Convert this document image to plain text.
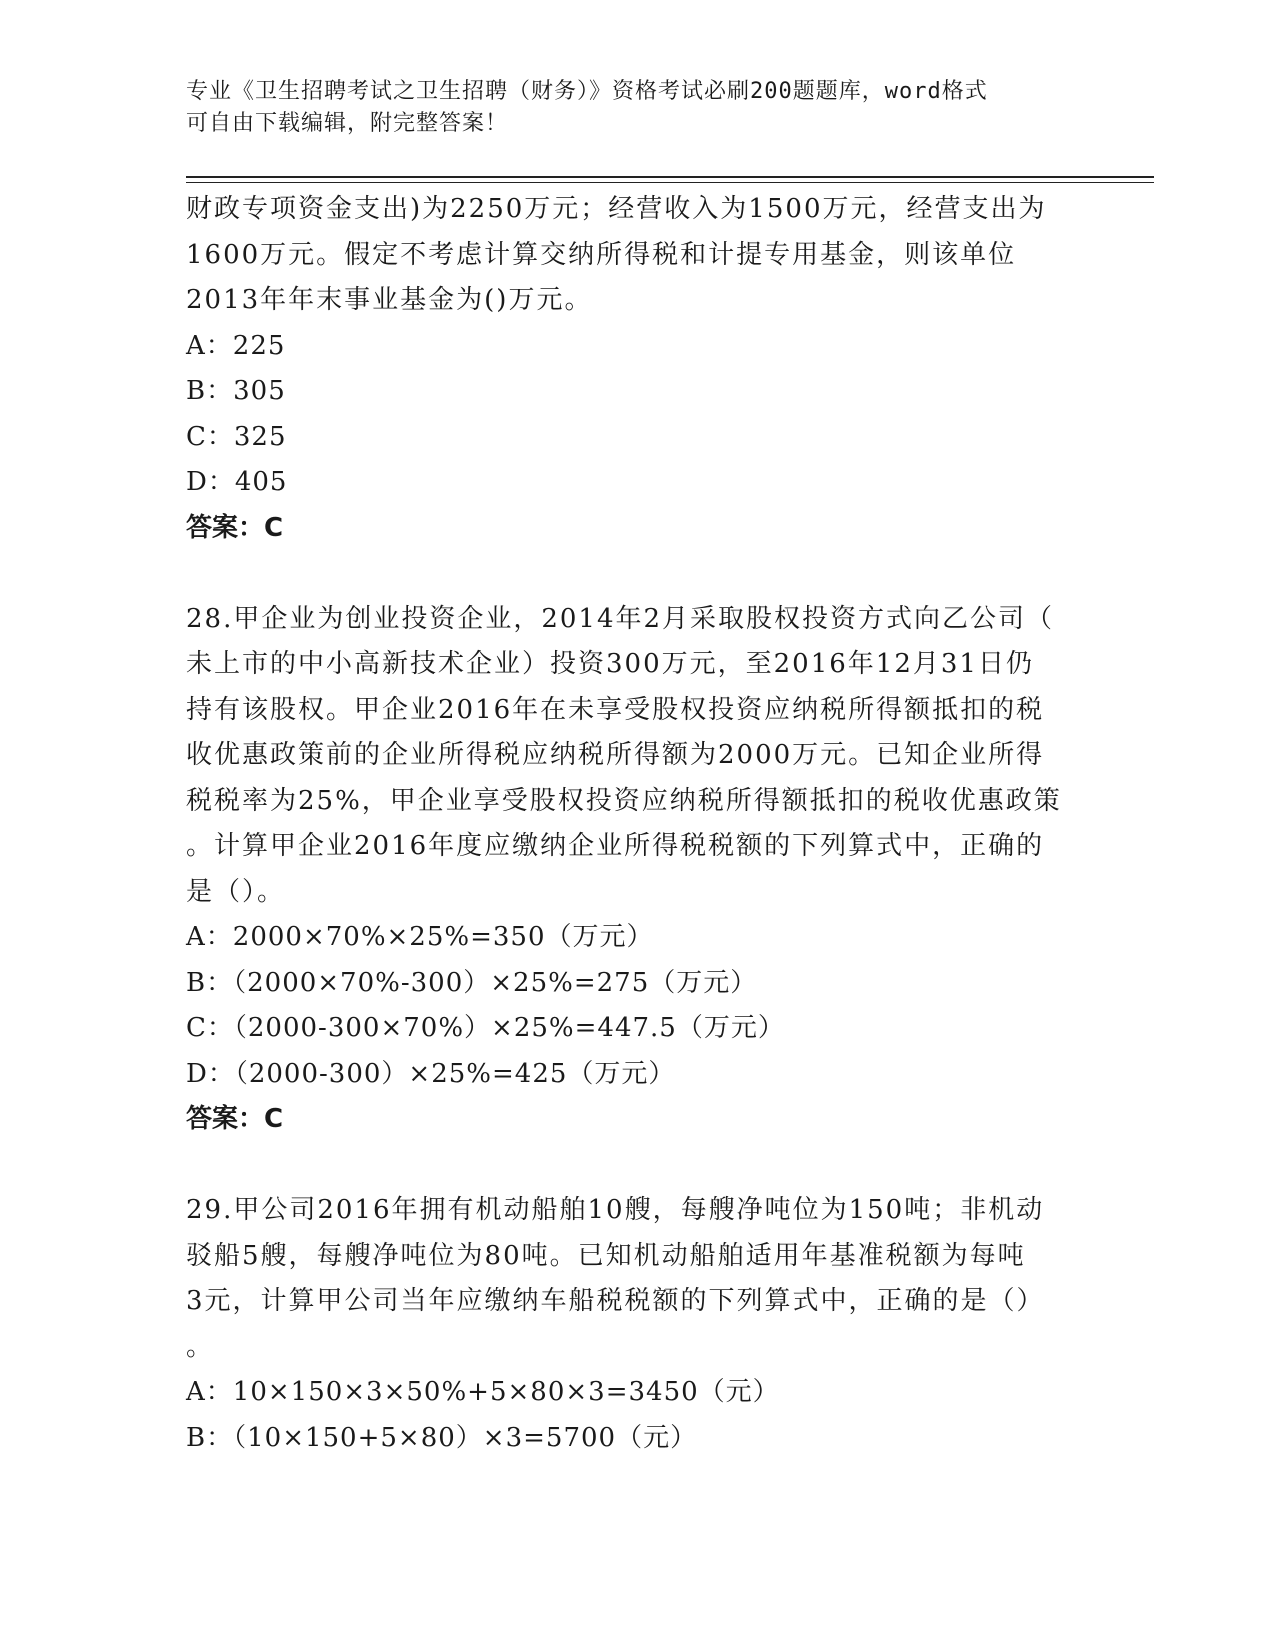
专业《卫生招聘考试之卫生招聘（财务）》资格考试必刷200题题库，word格式
可自由下载编辑，附完整答案！
财政专项资金支出)为2250万元；经营收入为1500万元，经营支出为
1600万元。假定不考虑计算交纳所得税和计提专用基金，则该单位
2013年年末事业基金为()万元。
A：225
B：305
C：325
D：405
答案：C
28.甲企业为创业投资企业，2014年2月采取股权投资方式向乙公司（
未上市的中小高新技术企业）投资300万元，至2016年12月31日仍
持有该股权。甲企业2016年在未享受股权投资应纳税所得额抵扣的税
收优惠政策前的企业所得税应纳税所得额为2000万元。已知企业所得
税税率为25%，甲企业享受股权投资应纳税所得额抵扣的税收优惠政策
。计算甲企业2016年度应缴纳企业所得税税额的下列算式中，正确的
是（）。
A：2000×70%×25%=350（万元）
B：（2000×70%-300）×25%=275（万元）
C：（2000-300×70%）×25%=447.5（万元）
D：（2000-300）×25%=425（万元）
答案：C
29.甲公司2016年拥有机动船舶10艘，每艘净吨位为150吨；非机动
驳船5艘，每艘净吨位为80吨。已知机动船舶适用年基准税额为每吨
3元，计算甲公司当年应缴纳车船税税额的下列算式中，正确的是（）
。
A：10×150×3×50%+5×80×3=3450（元）
B：（10×150+5×80）×3=5700（元）
